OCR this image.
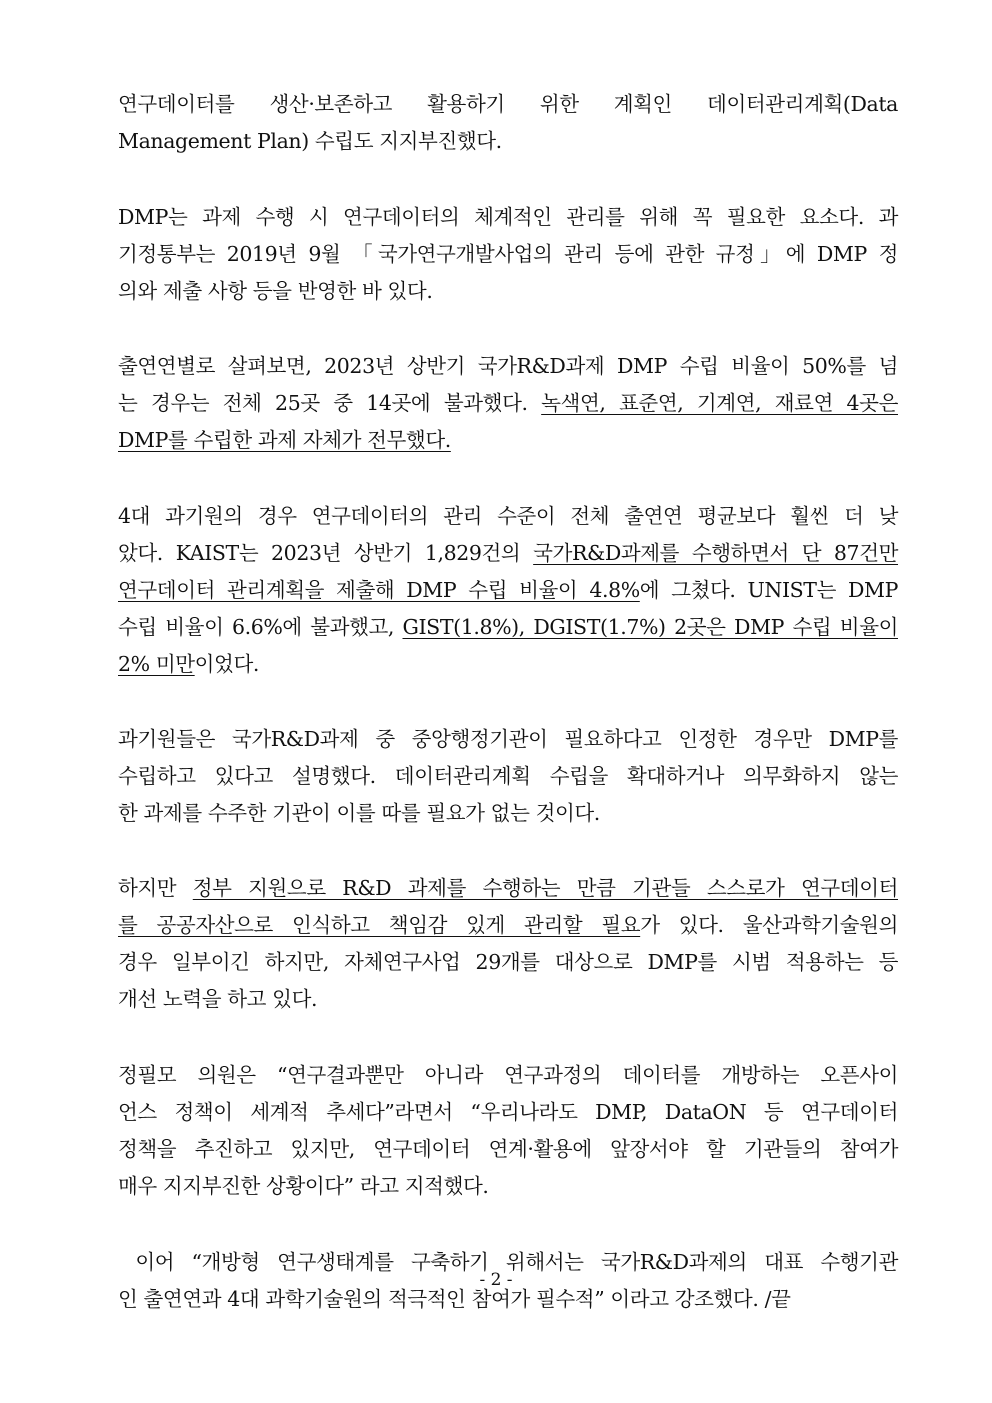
연구데이터를 생산·보존하고 활용하기 위한 계획인 데이터관리계획(Data
Management Plan) 수립도 지지부진했다.
DMP는 과제 수행 시 연구데이터의 체계적인 관리를 위해 꼭 필요한 요소다. 과
기정통부는 2019년 9월 「국가연구개발사업의 관리 등에 관한 규정」에 DMP 정
의와 제출 사항 등을 반영한 바 있다.
출연연별로 살펴보면, 2023년 상반기 국가R&D과제 DMP 수립 비율이 50%를 넘
는 경우는 전체 25곳 중 14곳에 불과했다. 녹색연, 표준연, 기계연, 재료연 4곳은
DMP를 수립한 과제 자체가 전무했다.
4대 과기원의 경우 연구데이터의 관리 수준이 전체 출연연 평균보다 훨씬 더 낮
았다. KAIST는 2023년 상반기 1,829건의 국가R&D과제를 수행하면서 단 87건만
연구데이터 관리계획을 제출해 DMP 수립 비율이 4.8%에 그쳤다. UNIST는 DMP
수립 비율이 6.6%에 불과했고, GIST(1.8%), DGIST(1.7%) 2곳은 DMP 수립 비율이
2% 미만이었다.
과기원들은 국가R&D과제 중 중앙행정기관이 필요하다고 인정한 경우만 DMP를
수립하고 있다고 설명했다. 데이터관리계획 수립을 확대하거나 의무화하지 않는
한 과제를 수주한 기관이 이를 따를 필요가 없는 것이다.
하지만 정부 지원으로 R&D 과제를 수행하는 만큼 기관들 스스로가 연구데이터
를 공공자산으로 인식하고 책임감 있게 관리할 필요가 있다. 울산과학기술원의
경우 일부이긴 하지만, 자체연구사업 29개를 대상으로 DMP를 시범 적용하는 등
개선 노력을 하고 있다.
정필모 의원은 “연구결과뿐만 아니라 연구과정의 데이터를 개방하는 오픈사이
언스 정책이 세계적 추세다”라면서 “우리나라도 DMP, DataON 등 연구데이터
정책을 추진하고 있지만, 연구데이터 연계·활용에 앞장서야 할 기관들의 참여가
매우 지지부진한 상황이다” 라고 지적했다.
이어 “개방형 연구생태계를 구축하기 위해서는 국가R&D과제의 대표 수행기관
인 출연연과 4대 과학기술원의 적극적인 참여가 필수적” 이라고 강조했다. /끝
- 2 -
